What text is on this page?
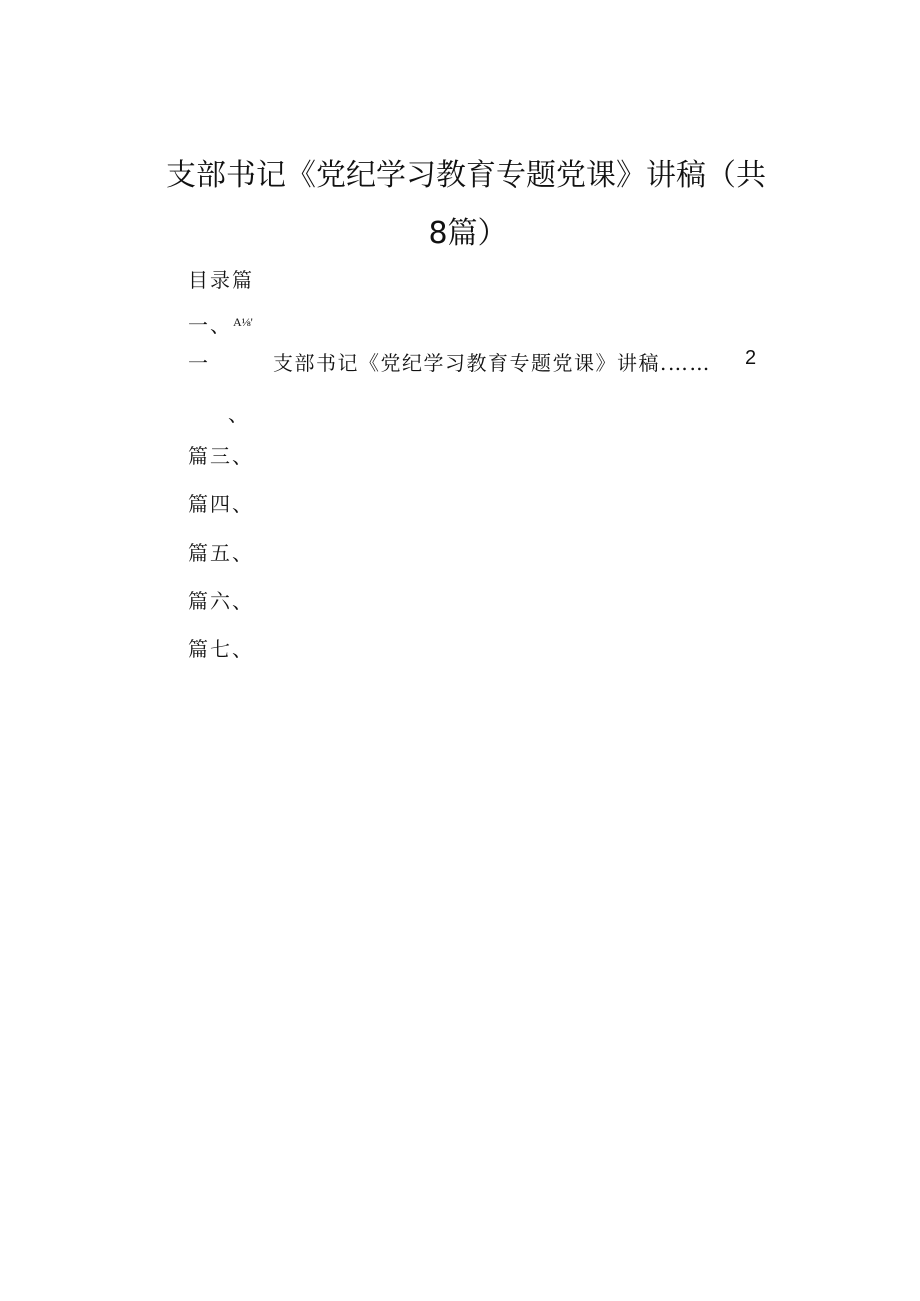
支部书记《党纪学习教育专题党课》讲稿（共
8篇）
目录篇
一、 A⅛'
一	支部书记《党纪学习教育专题党课》讲稿.…… 2
、
篇三、
篇四、
篇五、
篇六、
篇七、
